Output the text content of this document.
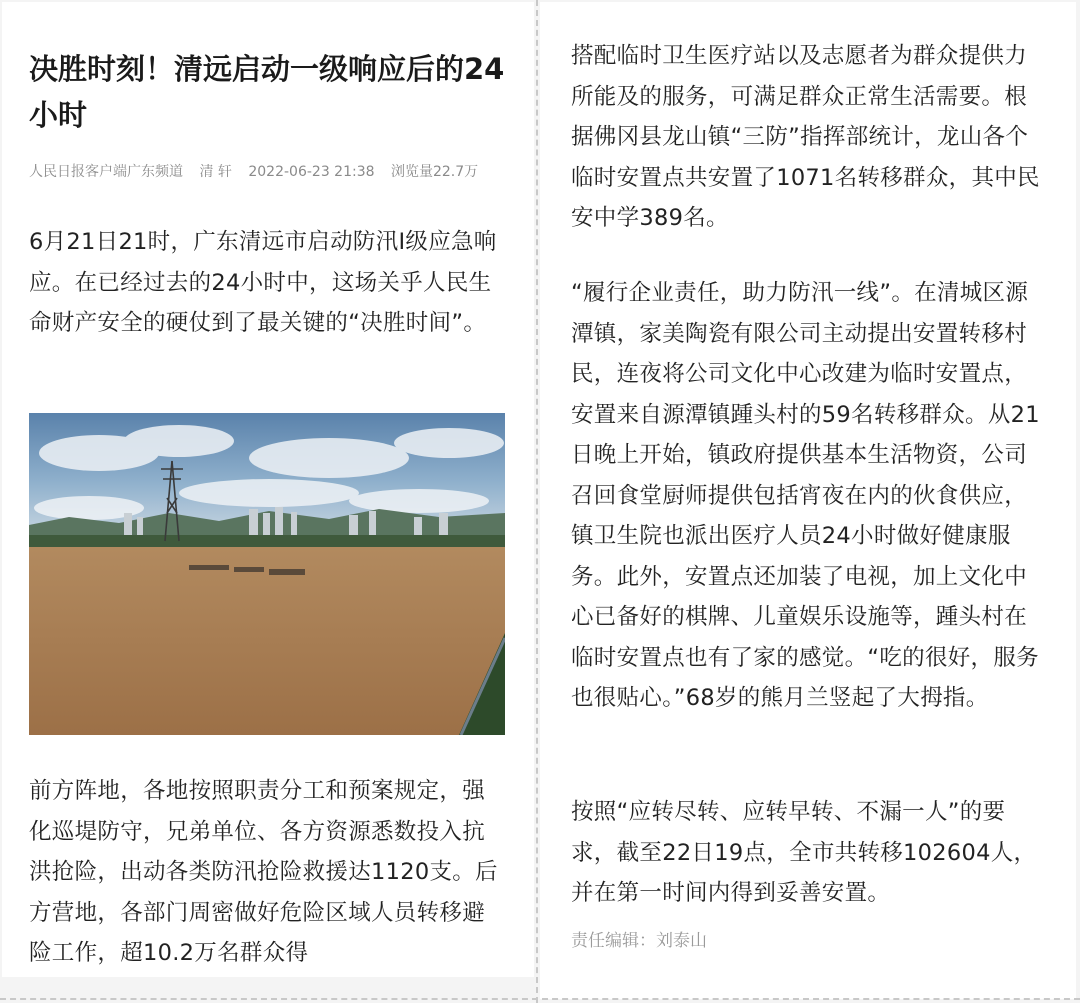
决胜时刻！清远启动一级响应后的24小时
人民日报客户端广东频道 清 轩 2022-06-23 21:38 浏览量22.7万

6月21日21时，广东清远市启动防汛Ⅰ级应急响应。在已经过去的24小时中，这场关乎人民生命财产安全的硬仗到了最关键的“决胜时间”。

前方阵地，各地按照职责分工和预案规定，强化巡堤防守，兄弟单位、各方资源悉数投入抗洪抢险，出动各类防汛抢险救援达1120支。后方营地，各部门周密做好危险区域人员转移避险工作，超10.2万名群众得

搭配临时卫生医疗站以及志愿者为群众提供力所能及的服务，可满足群众正常生活需要。根据佛冈县龙山镇“三防”指挥部统计，龙山各个临时安置点共安置了1071名转移群众，其中民安中学389名。

“履行企业责任，助力防汛一线”。在清城区源潭镇，家美陶瓷有限公司主动提出安置转移村民，连夜将公司文化中心改建为临时安置点，安置来自源潭镇踵头村的59名转移群众。从21日晚上开始，镇政府提供基本生活物资，公司召回食堂厨师提供包括宵夜在内的伙食供应，镇卫生院也派出医疗人员24小时做好健康服务。此外，安置点还加装了电视，加上文化中心已备好的棋牌、儿童娱乐设施等，踵头村在临时安置点也有了家的感觉。“吃的很好，服务也很贴心。”68岁的熊月兰竖起了大拇指。

按照“应转尽转、应转早转、不漏一人”的要求，截至22日19点，全市共转移102604人，并在第一时间内得到妥善安置。

责任编辑：刘泰山
